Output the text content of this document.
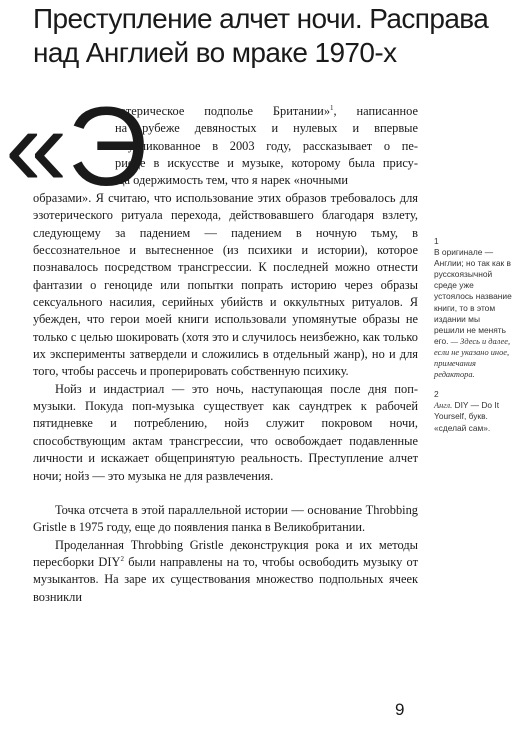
Преступление алчет ночи. Расправа
над Англией во мраке 1970-х
«Э
зотерическое подполье Британии»$^1$, написанное
на рубеже девяностых и нулевых и впервые
опубликованное в 2003 году, рассказывает о пе-
риоде в искусстве и музыке, которому была прису-
ща одержимость тем, что я нарек «ночными

образами». Я считаю, что использование этих образов требовалось для эзотерического ритуала перехода, действовавшего благодаря взлету, следующему за падением — падением в ночную тьму, в бессознательное и вытесненное (из психики и истории), которое познавалось посредством трансгрессии. К последней можно отнести фантазии о геноциде или попытки попрать историю через образы сексуального насилия, серийных убийств и оккультных ритуалов. Я убежден, что герои моей книги использовали упомянутые образы не только с целью шокировать (хотя это и случилось неизбежно, как только их эксперименты затвердели и сложились в отдельный жанр), но и для того, чтобы рассечь и проперировать собственную психику.

Нойз и индастриал — это ночь, наступающая после дня поп-музыки. Покуда поп-музыка существует как саундтрек к рабочей пятидневке и потреблению, нойз служит покровом ночи, способствующим актам трансгрессии, что освобождает подавленные личности и искажает общепринятую реальность. Преступление алчет ночи; нойз — это музыка не для развлечения.

Точка отсчета в этой параллельной истории — основание Throbbing Gristle в 1975 году, еще до появления панка в Великобритании.

Проделанная Throbbing Gristle деконструкция рока и их методы пересборки DIY$^2$ были направлены на то, чтобы освободить музыку от музыкантов. На заре их существования множество подпольных ячеек возникли

1
В оригинале — Англии; но так как в русскоязычной среде уже устоялось название книги, то в этом издании мы решили не менять его. — Здесь и далее, если не указано иное, примечания редактора.
2
Англ. DIY — Do It Yourself, букв. «сделай сам».
9
